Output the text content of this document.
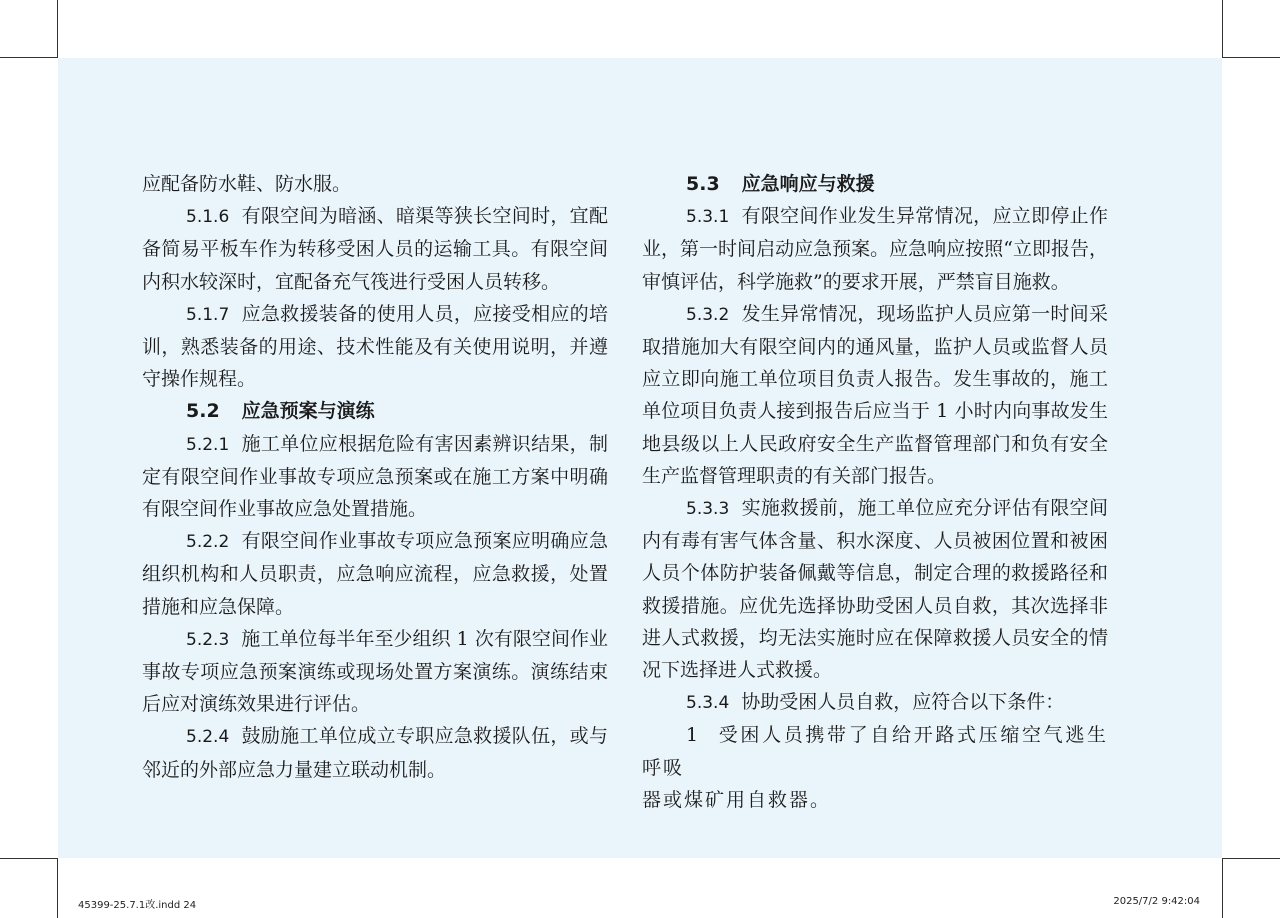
应配备防水鞋、防水服。

5.1.6 有限空间为暗涵、暗渠等狭长空间时，宜配备简易平板车作为转移受困人员的运输工具。有限空间内积水较深时，宜配备充气筏进行受困人员转移。

5.1.7 应急救援装备的使用人员，应接受相应的培训，熟悉装备的用途、技术性能及有关使用说明，并遵守操作规程。

5.2 应急预案与演练

5.2.1 施工单位应根据危险有害因素辨识结果，制定有限空间作业事故专项应急预案或在施工方案中明确有限空间作业事故应急处置措施。

5.2.2 有限空间作业事故专项应急预案应明确应急组织机构和人员职责，应急响应流程，应急救援，处置措施和应急保障。

5.2.3 施工单位每半年至少组织 1 次有限空间作业事故专项应急预案演练或现场处置方案演练。演练结束后应对演练效果进行评估。

5.2.4 鼓励施工单位成立专职应急救援队伍，或与邻近的外部应急力量建立联动机制。

5.3 应急响应与救援

5.3.1 有限空间作业发生异常情况，应立即停止作业，第一时间启动应急预案。应急响应按照“立即报告，审慎评估，科学施救”的要求开展，严禁盲目施救。

5.3.2 发生异常情况，现场监护人员应第一时间采取措施加大有限空间内的通风量，监护人员或监督人员应立即向施工单位项目负责人报告。发生事故的，施工单位项目负责人接到报告后应当于 1 小时内向事故发生地县级以上人民政府安全生产监督管理部门和负有安全生产监督管理职责的有关部门报告。

5.3.3 实施救援前，施工单位应充分评估有限空间内有毒有害气体含量、积水深度、人员被困位置和被困人员个体防护装备佩戴等信息，制定合理的救援路径和救援措施。应优先选择协助受困人员自救，其次选择非进人式救援，均无法实施时应在保障救援人员安全的情况下选择进人式救援。

5.3.4 协助受困人员自救，应符合以下条件：

1 受困人员携带了自给开路式压缩空气逃生呼吸

器或煤矿用自救器。

45399-25.7.1改.indd 24	2025/7/2 9:42:04
